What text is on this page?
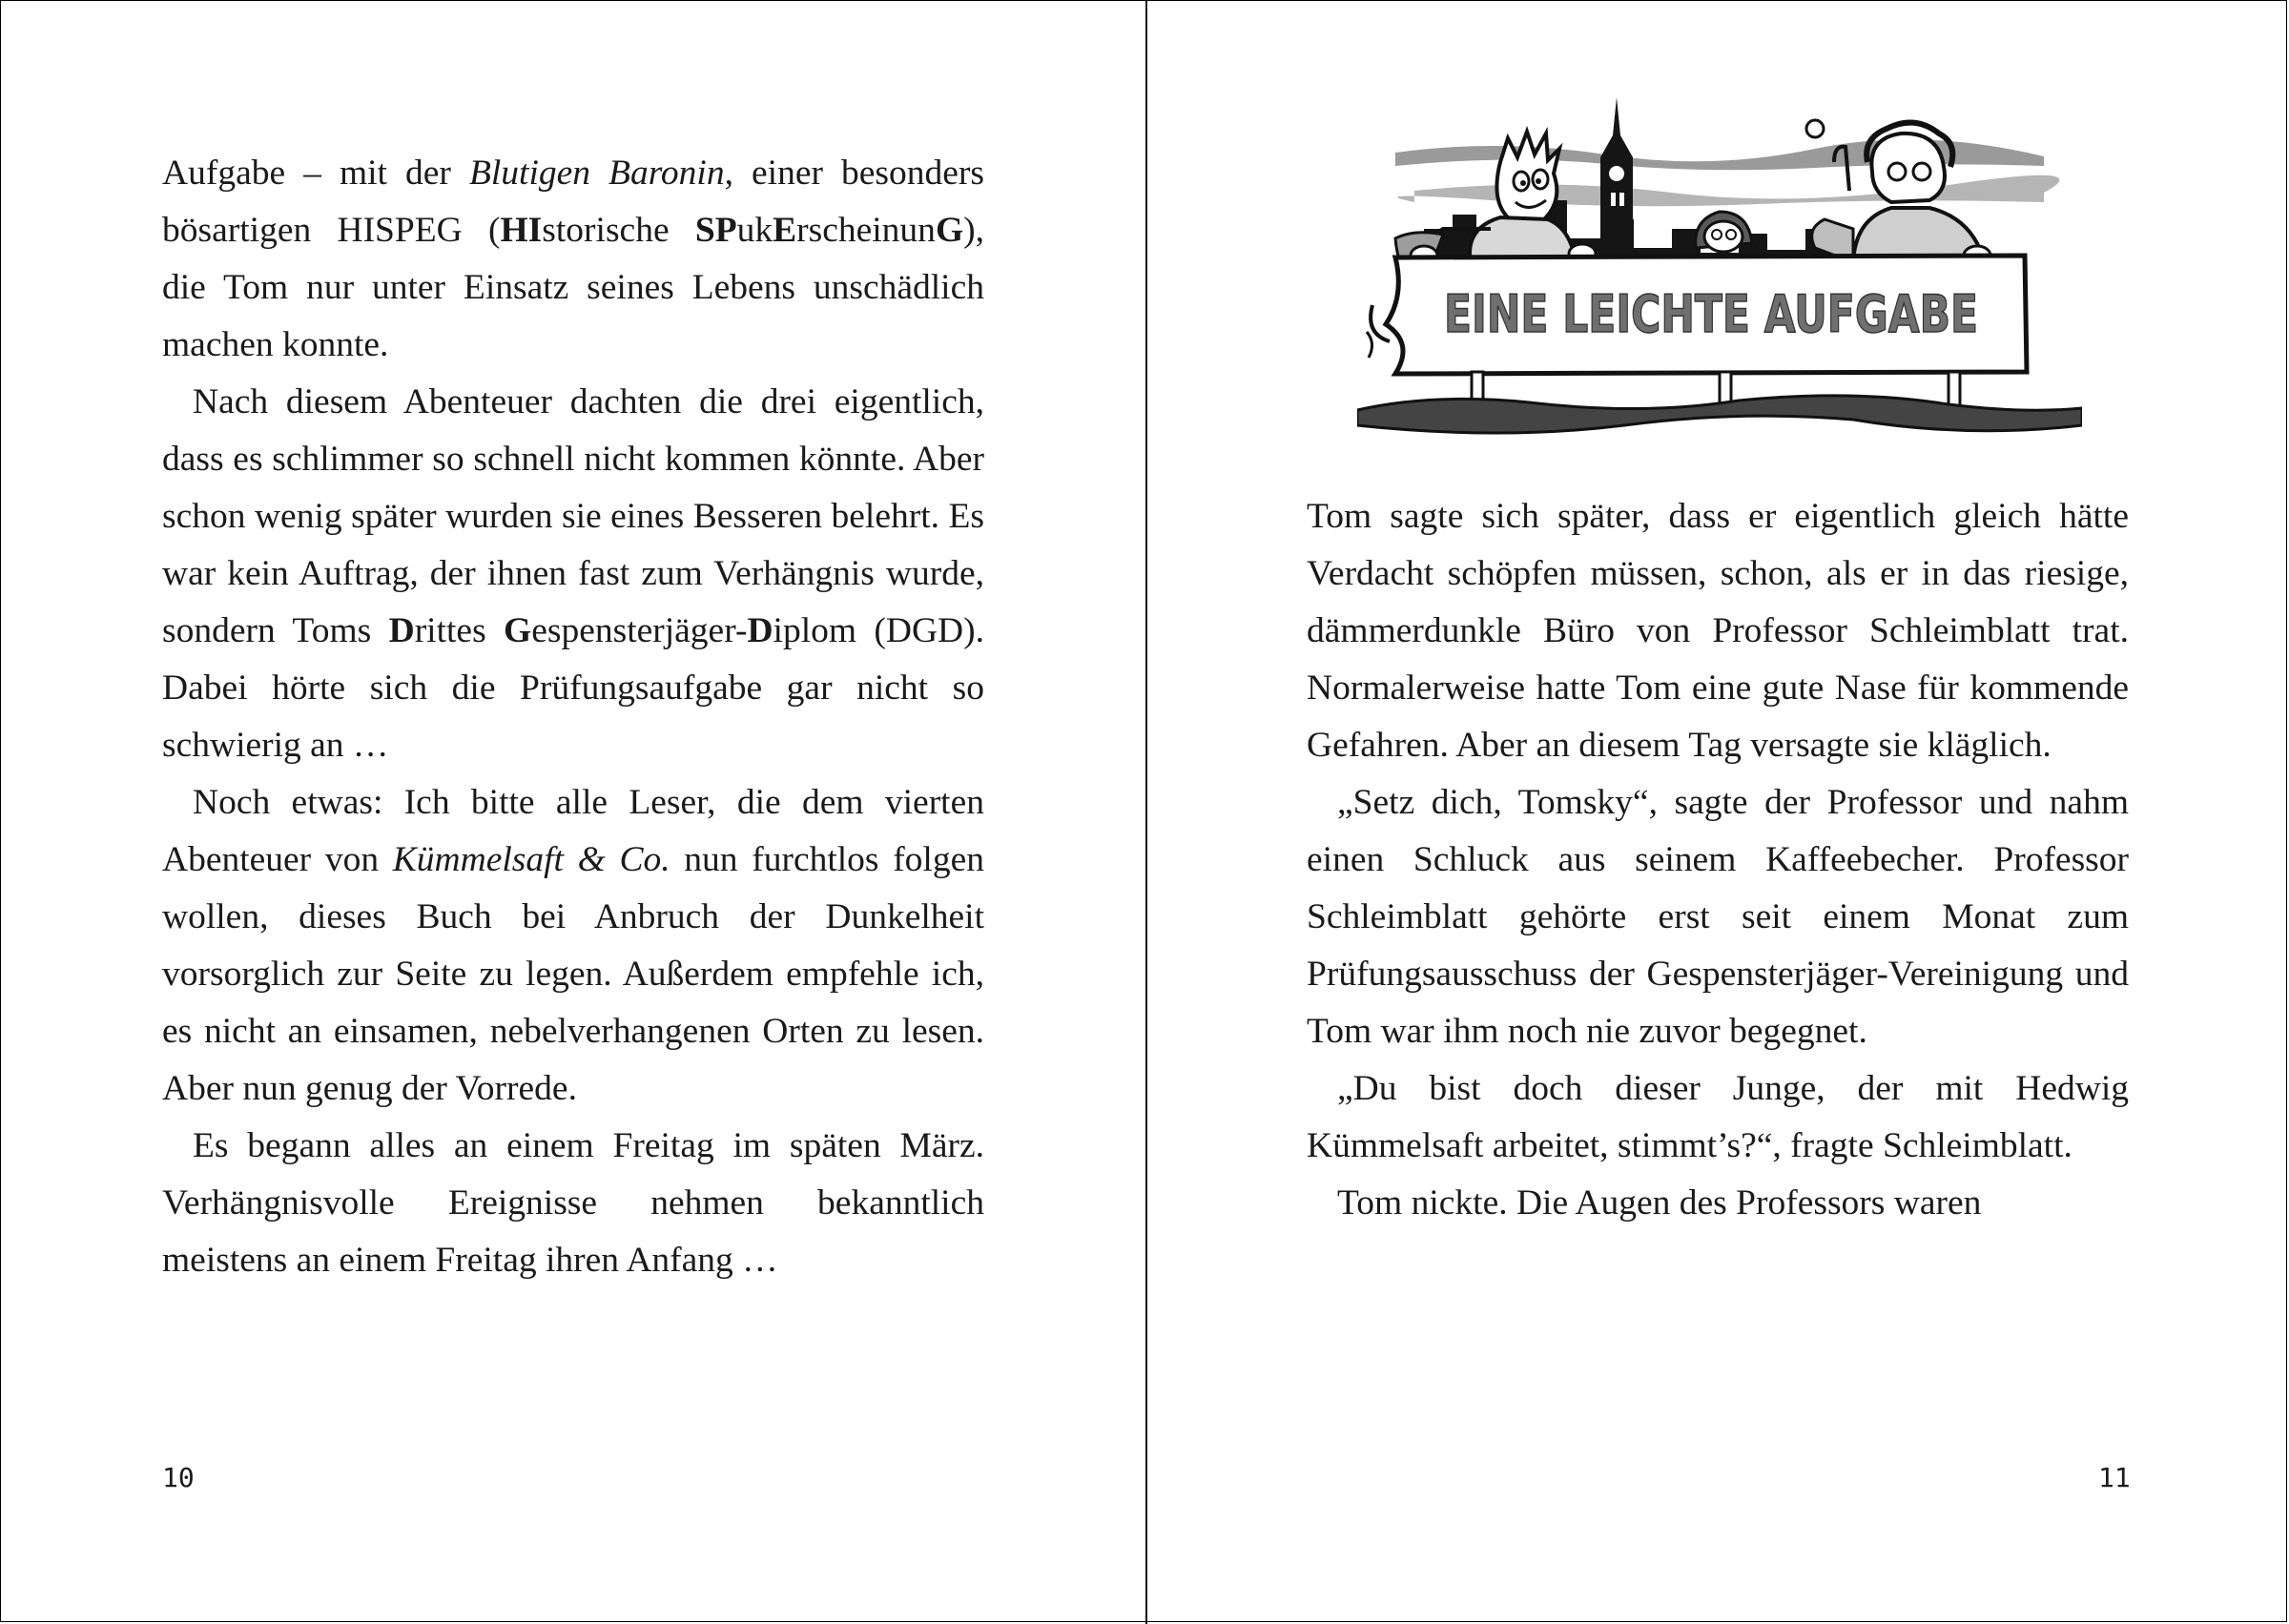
Aufgabe – mit der Blutigen Baronin, einer besonders bösartigen HISPEG (HIstorische SPukErscheinunG), die Tom nur unter Einsatz seines Lebens unschädlich machen konnte.

Nach diesem Abenteuer dachten die drei eigentlich, dass es schlimmer so schnell nicht kommen könnte. Aber schon wenig später wurden sie eines Besseren belehrt. Es war kein Auftrag, der ihnen fast zum Verhängnis wurde, sondern Toms Drittes Gespensterjäger-Diplom (DGD). Dabei hörte sich die Prüfungsaufgabe gar nicht so schwierig an …

Noch etwas: Ich bitte alle Leser, die dem vierten Abenteuer von Kümmelsaft & Co. nun furchtlos folgen wollen, dieses Buch bei Anbruch der Dunkelheit vorsorglich zur Seite zu legen. Außerdem empfehle ich, es nicht an einsamen, nebelverhangenen Orten zu lesen. Aber nun genug der Vorrede.

Es begann alles an einem Freitag im späten März. Verhängnisvolle Ereignisse nehmen bekanntlich meistens an einem Freitag ihren Anfang …

10
EINE LEICHTE AUFGABE

Tom sagte sich später, dass er eigentlich gleich hätte Verdacht schöpfen müssen, schon, als er in das riesige, dämmerdunkle Büro von Professor Schleimblatt trat. Normalerweise hatte Tom eine gute Nase für kommende Gefahren. Aber an diesem Tag versagte sie kläglich.

„Setz dich, Tomsky“, sagte der Professor und nahm einen Schluck aus seinem Kaffeebecher. Professor Schleimblatt gehörte erst seit einem Monat zum Prüfungsausschuss der Gespensterjäger-Vereinigung und Tom war ihm noch nie zuvor begegnet.

„Du bist doch dieser Junge, der mit Hedwig Kümmelsaft arbeitet, stimmt’s?“, fragte Schleimblatt.

Tom nickte. Die Augen des Professors waren

11
